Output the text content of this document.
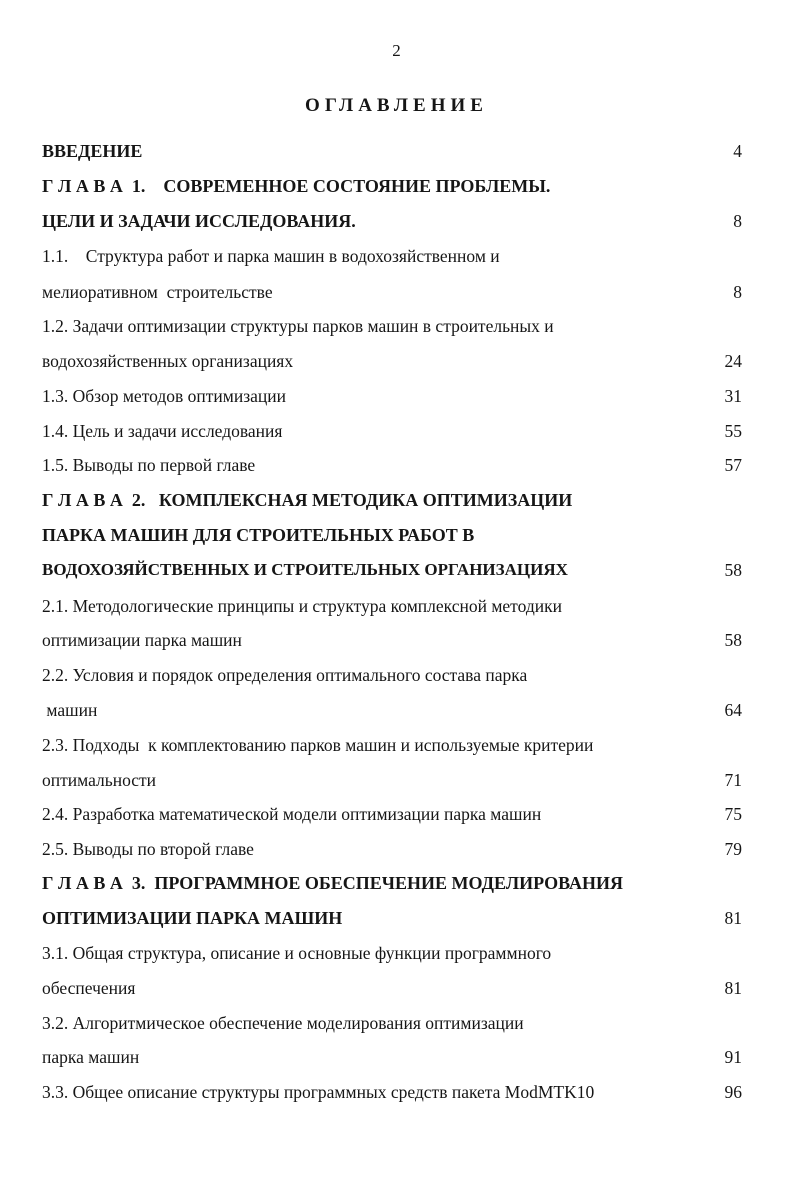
2
ОГЛАВЛЕНИЕ
ВВЕДЕНИЕ	4
Г Л А В А  1.    СОВРЕМЕННОЕ СОСТОЯНИЕ ПРОБЛЕМЫ.
ЦЕЛИ И ЗАДАЧИ ИССЛЕДОВАНИЯ.	8
1.1.    Структура работ и парка машин в водохозяйственном и
мелиоративном  строительстве	8
1.2. Задачи оптимизации структуры парков машин в строительных и
водохозяйственных организациях	24
1.3. Обзор методов оптимизации	31
1.4. Цель и задачи исследования	55
1.5. Выводы по первой главе	57
Г Л А В А  2.   КОМПЛЕКСНАЯ МЕТОДИКА ОПТИМИЗАЦИИ
ПАРКА МАШИН ДЛЯ СТРОИТЕЛЬНЫХ РАБОТ В
ВОДОХОЗЯЙСТВЕННЫХ И СТРОИТЕЛЬНЫХ ОРГАНИЗАЦИЯХ	58
2.1. Методологические принципы и структура комплексной методики
оптимизации парка машин	58
2.2. Условия и порядок определения оптимального состава парка
машин	64
2.3. Подходы  к комплектованию парков машин и используемые критерии
оптимальности	71
2.4. Разработка математической модели оптимизации парка машин	75
2.5. Выводы по второй главе	79
Г Л А В А  3.  ПРОГРАММНОЕ ОБЕСПЕЧЕНИЕ МОДЕЛИРОВАНИЯ
ОПТИМИЗАЦИИ ПАРКА МАШИН	81
3.1. Общая структура, описание и основные функции программного
обеспечения	81
3.2. Алгоритмическое обеспечение моделирования оптимизации
парка машин	91
3.3. Общее описание структуры программных средств пакета ModMTK10	96
